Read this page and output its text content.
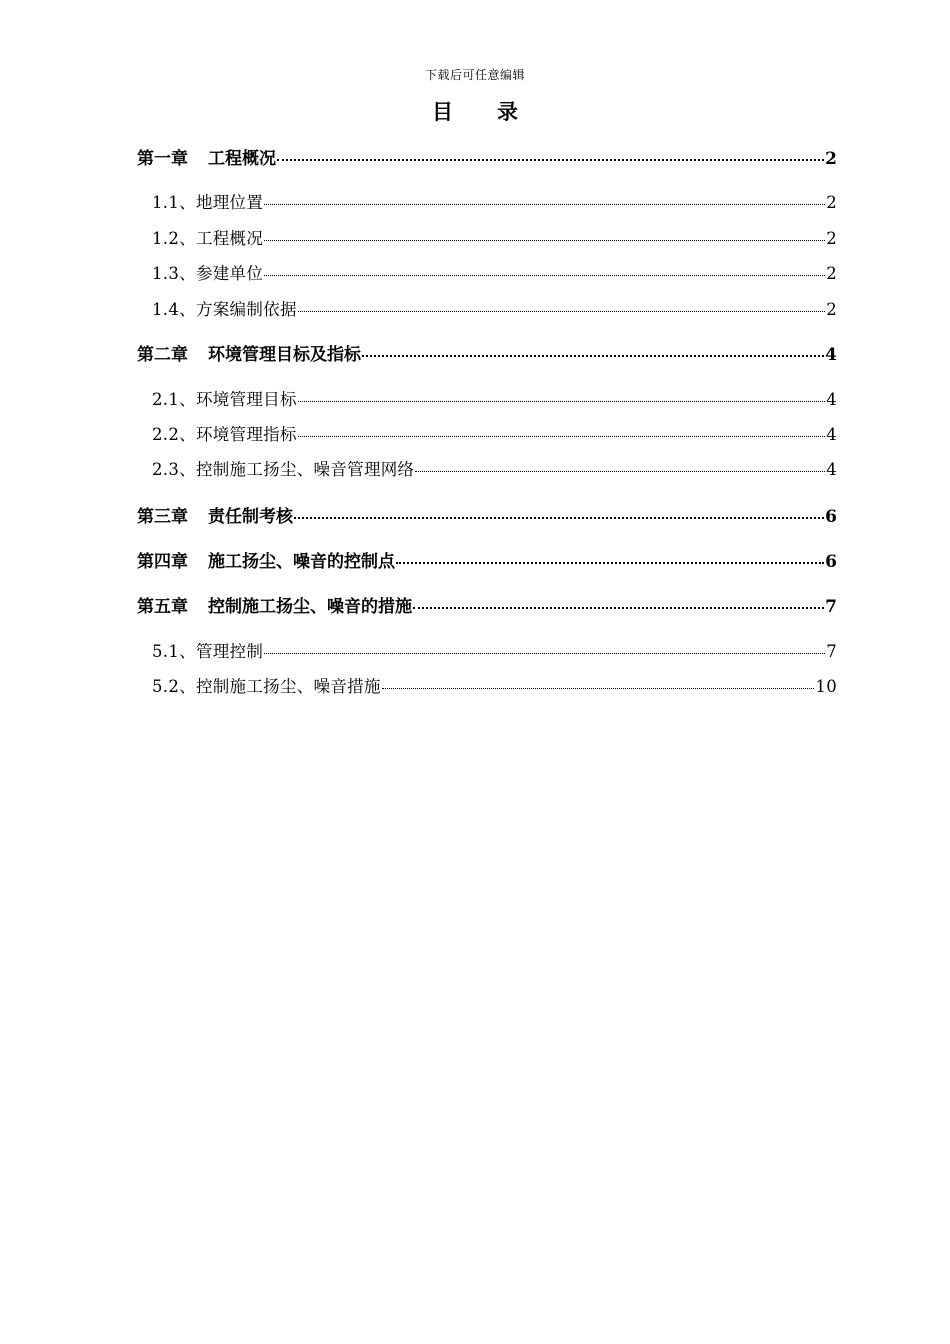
下载后可任意编辑
目 录
第一章 工程概况	2
1.1、地理位置	2
1.2、工程概况	2
1.3、参建单位	2
1.4、方案编制依据	2
第二章 环境管理目标及指标	4
2.1、环境管理目标	4
2.2、环境管理指标	4
2.3、控制施工扬尘、噪音管理网络	4
第三章 责任制考核	6
第四章 施工扬尘、噪音的控制点	6
第五章 控制施工扬尘、噪音的措施	7
5.1、管理控制	7
5.2、控制施工扬尘、噪音措施	10
